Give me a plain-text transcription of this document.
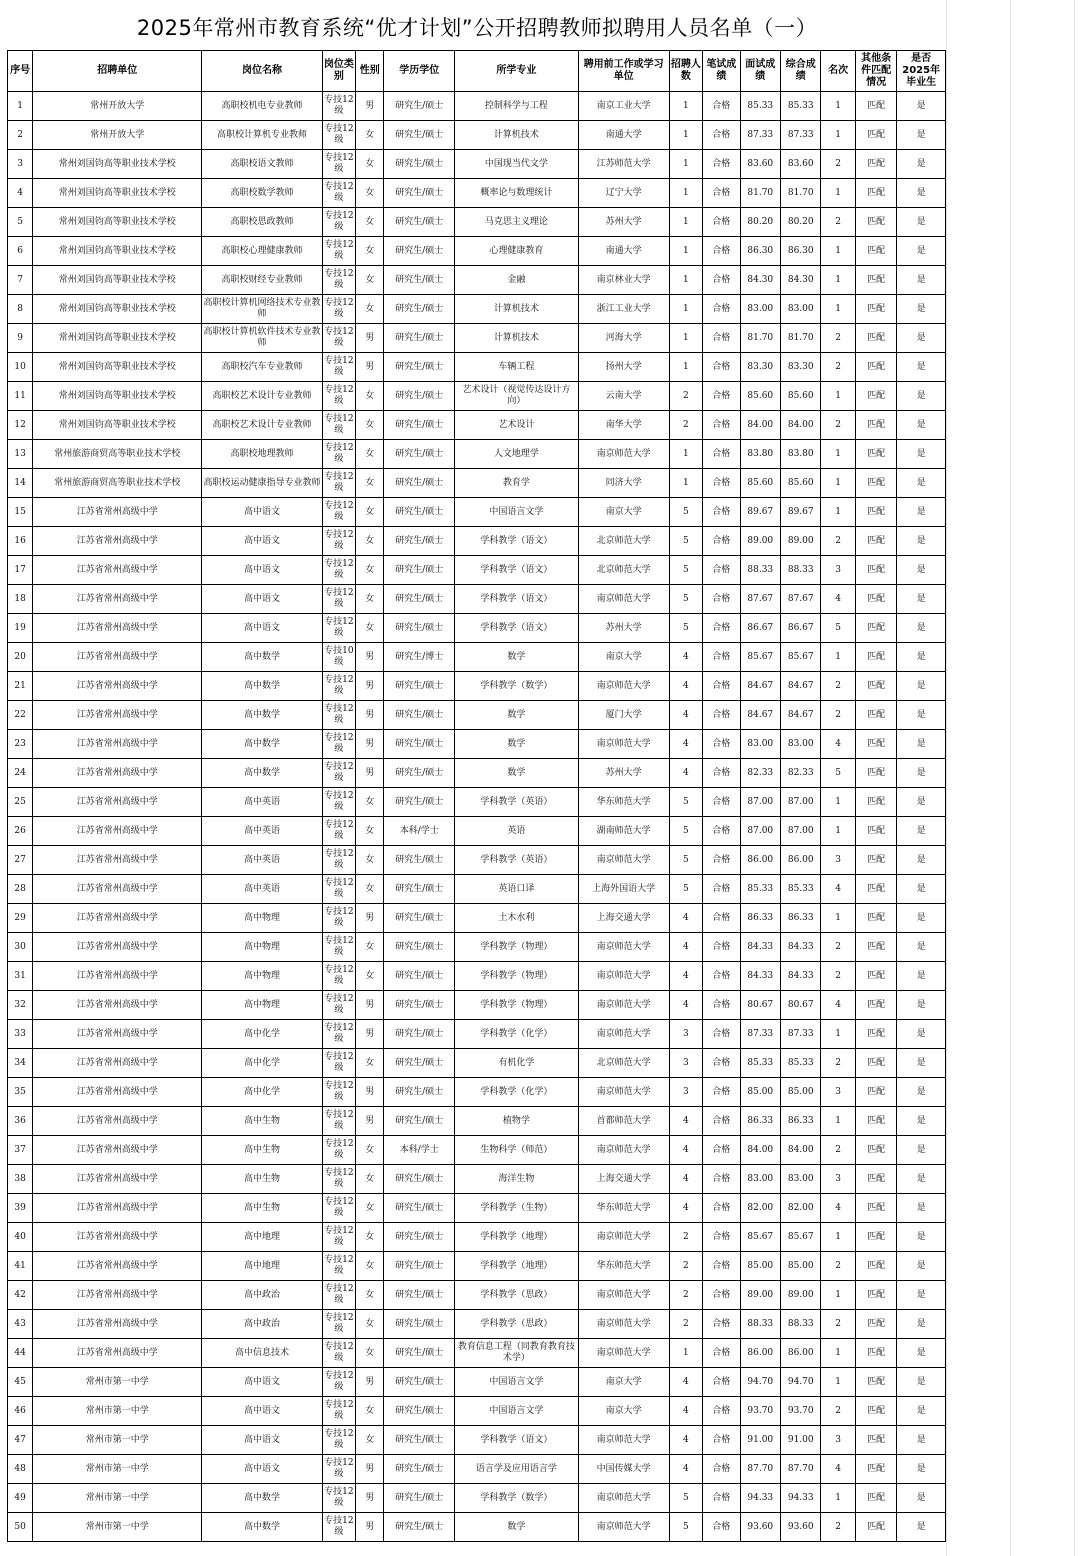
2025年常州市教育系统“优才计划”公开招聘教师拟聘用人员名单（一）
序号	招聘单位	岗位名称	岗位类别	性别	学历学位	所学专业	聘用前工作或学习单位	招聘人数	笔试成绩	面试成绩	综合成绩	名次	其他条件匹配情况	是否2025年毕业生
1	常州开放大学	高职校机电专业教师	专技12级	男	研究生/硕士	控制科学与工程	南京工业大学	1	合格	85.33	85.33	1	匹配	是
2	常州开放大学	高职校计算机专业教师	专技12级	女	研究生/硕士	计算机技术	南通大学	1	合格	87.33	87.33	1	匹配	是
3	常州刘国钧高等职业技术学校	高职校语文教师	专技12级	女	研究生/硕士	中国现当代文学	江苏师范大学	1	合格	83.60	83.60	2	匹配	是
4	常州刘国钧高等职业技术学校	高职校数学教师	专技12级	女	研究生/硕士	概率论与数理统计	辽宁大学	1	合格	81.70	81.70	1	匹配	是
5	常州刘国钧高等职业技术学校	高职校思政教师	专技12级	女	研究生/硕士	马克思主义理论	苏州大学	1	合格	80.20	80.20	2	匹配	是
6	常州刘国钧高等职业技术学校	高职校心理健康教师	专技12级	女	研究生/硕士	心理健康教育	南通大学	1	合格	86.30	86.30	1	匹配	是
7	常州刘国钧高等职业技术学校	高职校财经专业教师	专技12级	女	研究生/硕士	金融	南京林业大学	1	合格	84.30	84.30	1	匹配	是
8	常州刘国钧高等职业技术学校	高职校计算机网络技术专业教师	专技12级	女	研究生/硕士	计算机技术	浙江工业大学	1	合格	83.00	83.00	1	匹配	是
9	常州刘国钧高等职业技术学校	高职校计算机软件技术专业教师	专技12级	男	研究生/硕士	计算机技术	河海大学	1	合格	81.70	81.70	2	匹配	是
10	常州刘国钧高等职业技术学校	高职校汽车专业教师	专技12级	男	研究生/硕士	车辆工程	扬州大学	1	合格	83.30	83.30	2	匹配	是
11	常州刘国钧高等职业技术学校	高职校艺术设计专业教师	专技12级	女	研究生/硕士	艺术设计（视觉传达设计方向）	云南大学	2	合格	85.60	85.60	1	匹配	是
12	常州刘国钧高等职业技术学校	高职校艺术设计专业教师	专技12级	女	研究生/硕士	艺术设计	南华大学	2	合格	84.00	84.00	2	匹配	是
13	常州旅游商贸高等职业技术学校	高职校地理教师	专技12级	女	研究生/硕士	人文地理学	南京师范大学	1	合格	83.80	83.80	1	匹配	是
14	常州旅游商贸高等职业技术学校	高职校运动健康指导专业教师	专技12级	女	研究生/硕士	教育学	同济大学	1	合格	85.60	85.60	1	匹配	是
15	江苏省常州高级中学	高中语文	专技12级	女	研究生/硕士	中国语言文学	南京大学	5	合格	89.67	89.67	1	匹配	是
16	江苏省常州高级中学	高中语文	专技12级	女	研究生/硕士	学科教学（语文）	北京师范大学	5	合格	89.00	89.00	2	匹配	是
17	江苏省常州高级中学	高中语文	专技12级	女	研究生/硕士	学科教学（语文）	北京师范大学	5	合格	88.33	88.33	3	匹配	是
18	江苏省常州高级中学	高中语文	专技12级	女	研究生/硕士	学科教学（语文）	南京师范大学	5	合格	87.67	87.67	4	匹配	是
19	江苏省常州高级中学	高中语文	专技12级	女	研究生/硕士	学科教学（语文）	苏州大学	5	合格	86.67	86.67	5	匹配	是
20	江苏省常州高级中学	高中数学	专技10级	男	研究生/博士	数学	南京大学	4	合格	85.67	85.67	1	匹配	是
21	江苏省常州高级中学	高中数学	专技12级	男	研究生/硕士	学科教学（数学）	南京师范大学	4	合格	84.67	84.67	2	匹配	是
22	江苏省常州高级中学	高中数学	专技12级	男	研究生/硕士	数学	厦门大学	4	合格	84.67	84.67	2	匹配	是
23	江苏省常州高级中学	高中数学	专技12级	男	研究生/硕士	数学	南京师范大学	4	合格	83.00	83.00	4	匹配	是
24	江苏省常州高级中学	高中数学	专技12级	男	研究生/硕士	数学	苏州大学	4	合格	82.33	82.33	5	匹配	是
25	江苏省常州高级中学	高中英语	专技12级	女	研究生/硕士	学科教学（英语）	华东师范大学	5	合格	87.00	87.00	1	匹配	是
26	江苏省常州高级中学	高中英语	专技12级	女	本科/学士	英语	湖南师范大学	5	合格	87.00	87.00	1	匹配	是
27	江苏省常州高级中学	高中英语	专技12级	女	研究生/硕士	学科教学（英语）	南京师范大学	5	合格	86.00	86.00	3	匹配	是
28	江苏省常州高级中学	高中英语	专技12级	女	研究生/硕士	英语口译	上海外国语大学	5	合格	85.33	85.33	4	匹配	是
29	江苏省常州高级中学	高中物理	专技12级	男	研究生/硕士	土木水利	上海交通大学	4	合格	86.33	86.33	1	匹配	是
30	江苏省常州高级中学	高中物理	专技12级	女	研究生/硕士	学科教学（物理）	南京师范大学	4	合格	84.33	84.33	2	匹配	是
31	江苏省常州高级中学	高中物理	专技12级	女	研究生/硕士	学科教学（物理）	南京师范大学	4	合格	84.33	84.33	2	匹配	是
32	江苏省常州高级中学	高中物理	专技12级	男	研究生/硕士	学科教学（物理）	南京师范大学	4	合格	80.67	80.67	4	匹配	是
33	江苏省常州高级中学	高中化学	专技12级	男	研究生/硕士	学科教学（化学）	南京师范大学	3	合格	87.33	87.33	1	匹配	是
34	江苏省常州高级中学	高中化学	专技12级	女	研究生/硕士	有机化学	北京师范大学	3	合格	85.33	85.33	2	匹配	是
35	江苏省常州高级中学	高中化学	专技12级	男	研究生/硕士	学科教学（化学）	南京师范大学	3	合格	85.00	85.00	3	匹配	是
36	江苏省常州高级中学	高中生物	专技12级	男	研究生/硕士	植物学	首都师范大学	4	合格	86.33	86.33	1	匹配	是
37	江苏省常州高级中学	高中生物	专技12级	女	本科/学士	生物科学（师范）	南京师范大学	4	合格	84.00	84.00	2	匹配	是
38	江苏省常州高级中学	高中生物	专技12级	女	研究生/硕士	海洋生物	上海交通大学	4	合格	83.00	83.00	3	匹配	是
39	江苏省常州高级中学	高中生物	专技12级	女	研究生/硕士	学科教学（生物）	华东师范大学	4	合格	82.00	82.00	4	匹配	是
40	江苏省常州高级中学	高中地理	专技12级	女	研究生/硕士	学科教学（地理）	南京师范大学	2	合格	85.67	85.67	1	匹配	是
41	江苏省常州高级中学	高中地理	专技12级	女	研究生/硕士	学科教学（地理）	华东师范大学	2	合格	85.00	85.00	2	匹配	是
42	江苏省常州高级中学	高中政治	专技12级	女	研究生/硕士	学科教学（思政）	南京师范大学	2	合格	89.00	89.00	1	匹配	是
43	江苏省常州高级中学	高中政治	专技12级	女	研究生/硕士	学科教学（思政）	南京师范大学	2	合格	88.33	88.33	2	匹配	是
44	江苏省常州高级中学	高中信息技术	专技12级	女	研究生/硕士	教育信息工程（同教育教育技术学）	南京师范大学	1	合格	86.00	86.00	1	匹配	是
45	常州市第一中学	高中语文	专技12级	男	研究生/硕士	中国语言文学	南京大学	4	合格	94.70	94.70	1	匹配	是
46	常州市第一中学	高中语文	专技12级	女	研究生/硕士	中国语言文学	南京大学	4	合格	93.70	93.70	2	匹配	是
47	常州市第一中学	高中语文	专技12级	女	研究生/硕士	学科教学（语文）	南京师范大学	4	合格	91.00	91.00	3	匹配	是
48	常州市第一中学	高中语文	专技12级	男	研究生/硕士	语言学及应用语言学	中国传媒大学	4	合格	87.70	87.70	4	匹配	是
49	常州市第一中学	高中数学	专技12级	男	研究生/硕士	学科教学（数学）	南京师范大学	5	合格	94.33	94.33	1	匹配	是
50	常州市第一中学	高中数学	专技12级	男	研究生/硕士	数学	南京师范大学	5	合格	93.60	93.60	2	匹配	是
